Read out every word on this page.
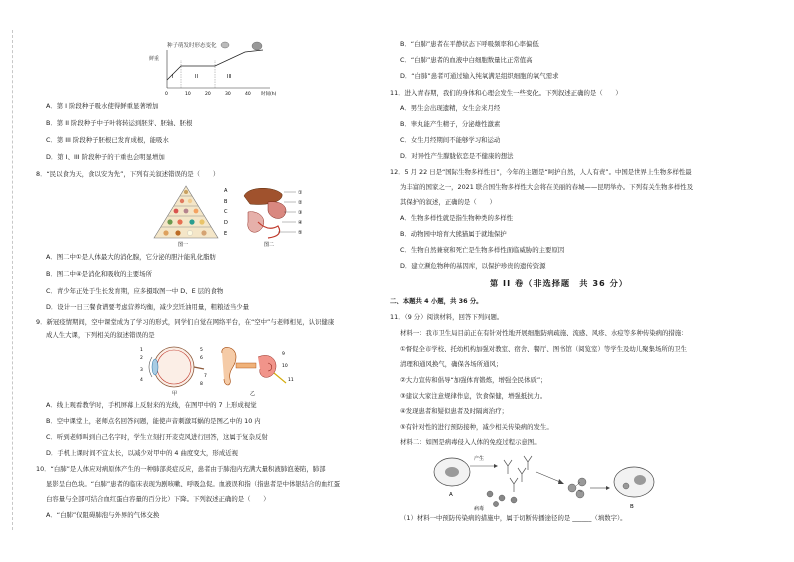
种子萌发时形态变化
鲜重
I	II	III
0	10	20	30	40 时间(h)
A．第 I 阶段种子吸水使得鲜重显著增加
B．第 II 阶段种子中子叶将转运到胚芽、胚轴、胚根
C．第 III 阶段种子胚根已发育成根，能吸水
D．第 I、III 阶段种子的干重也会明显增加
8．“民以食为天，食以安为先”，下列有关叙述错误的是（　　）
A
B
C
D
E
图一
①
②
③
④
⑤
图二
A．图二中①是人体最大的消化腺，它分泌的胆汁能乳化脂肪
B．图二中④是消化和吸收的主要场所
C．青少年正处于生长发育期，应多摄取图一中 D、E 层的食物
D．设计一日三餐食谱要考虑营养均衡，减少烹饪油用量，粗粮适当少量
9．新冠疫情期间，空中课堂成为了学习的形式，同学们自觉在网络平台，在“空中”与老师相见，认识健康
成人生大课，下列相关的叙述错误的是
1
2
3
4
5
6
7
8
甲
9
10
11
乙
A．线上观看教学时，手机屏幕上反射来的光线，在图甲中的 7 上形成视觉
B．空中课堂上，老师点名回答问题，能使声音刺激耳蜗的是图乙中的 10 内
C．听到老师叫到自己名字时，学生立刻打开麦克风进行回答，这属于复杂反射
D．手机上课时间不宜太长，以减少对甲中的 4 曲度变大，形成近视
10．“白肺”是人体应对病原体产生的一种肺部炎症反应，患者由于肺泡内充满大量积液肺泡萎陷，肺部
显影呈白色块。“白肺”患者的临床表现为剧咳嗽、呼吸急促。血液误和指（指患者是中体银结合的血红蛋
白容量与全部可结合血红蛋白容量的百分比）下降。下列叙述正确的是（　　）
A．“白肺”仅阻碍肺泡与外界的气体交换
B．“白肺”患者在平静状态下呼吸频率和心率偏低
C．“白肺”患者的血液中白细胞数量比正常值高
D．“白肺”患者可通过输入纯氧满足组织细胞的氧气需求
11．进入青春期，我们的身体和心理会发生一些变化。下列叙述正确的是（　　）
A．男生会出现遗精，女生会来月经
B．睾丸能产生精子，分泌雄性激素
C．女生月经期间不能够学习和运动
D．对异性产生朦胧依恋是不健康的想法
12．5 月 22 日是“国际生物多样性日”，今年的主题是“呵护自然，人人有责”。中国是世界上生物多样性最
为丰富的国家之一，2021 联合国生物多样性大会将在美丽的春城——昆明举办。下列有关生物多样性及
其保护的叙述，正确的是（　　）
A．生物多样性就是指生物种类的多样性
B．动物园中培育大熊猫属于就地保护
C．生物自然兼衰和死亡是生物多样性面临威胁的主要原因
D．建立濒危物种的基因库，以保护珍贵的遗传资源
第 II 卷（非选择题　共 36 分）
二、本题共 4 小题，共 36 分。
11．（9 分）阅读材料，回答下列问题。
材料一：我市卫生局目前正在有针对性地开展细胞防病疏施、流感、风疹、水痘等多种传染病的措施：
①督促全市学校、托幼机构加强对教室、宿舍、餐厅、图书馆（阅览室）等学生及幼儿聚集场所的卫生
清理和通风换气，确保各场所通风；
②大力宣传和倡导“加强体育锻炼，增强全民体质”；
③建议大家注意规律作息，饮食保健，增强抵抗力。
④发现患者和疑似患者及时隔离治疗；
⑤有针对性的进行预防接种，减少相关传染病的发生。
材料二：如图是病毒侵入人体的免疫过程示意图。
A
产生
病毒	B
（1）材料一中预防传染病的措施中，属于切断传播途径的是 ______（填数字）。
